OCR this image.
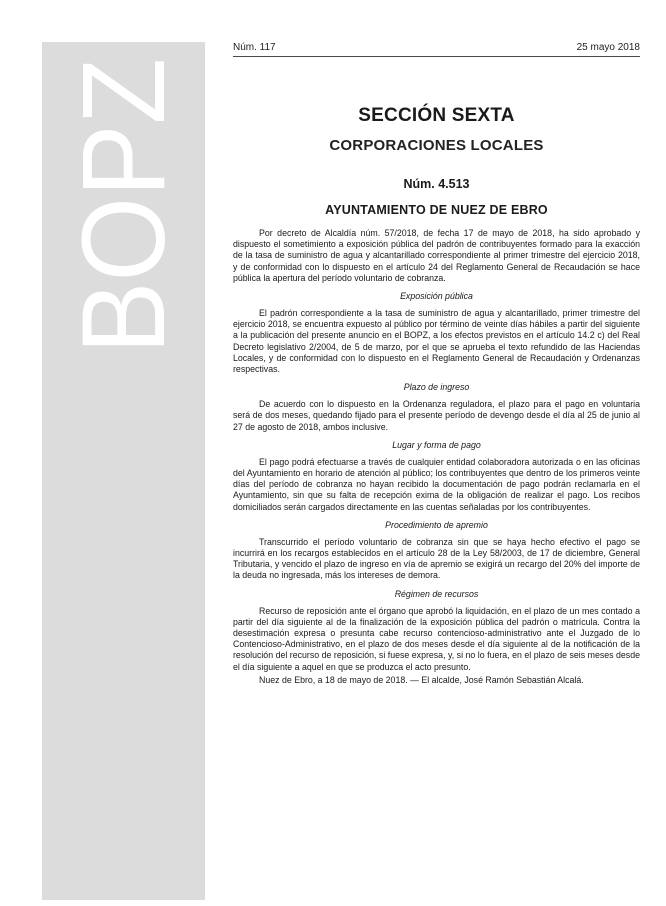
BOPZ	Núm. 117	25 mayo 2018
SECCIÓN SEXTA
CORPORACIONES LOCALES
Núm. 4.513
AYUNTAMIENTO DE NUEZ DE EBRO

Por decreto de Alcaldía núm. 57/2018, de fecha 17 de mayo de 2018, ha sido aprobado y dispuesto el sometimiento a exposición pública del padrón de contribuyentes formado para la exacción de la tasa de suministro de agua y alcantarillado correspondiente al primer trimestre del ejercicio 2018, y de conformidad con lo dispuesto en el artículo 24 del Reglamento General de Recaudación se hace pública la apertura del período voluntario de cobranza.

Exposición pública

El padrón correspondiente a la tasa de suministro de agua y alcantarillado, primer trimestre del ejercicio 2018, se encuentra expuesto al público por término de veinte días hábiles a partir del siguiente a la publicación del presente anuncio en el BOPZ, a los efectos previstos en el artículo 14.2 c) del Real Decreto legislativo 2/2004, de 5 de marzo, por el que se aprueba el texto refundido de las Haciendas Locales, y de conformidad con lo dispuesto en el Reglamento General de Recaudación y Ordenanzas respectivas.

Plazo de ingreso

De acuerdo con lo dispuesto en la Ordenanza reguladora, el plazo para el pago en voluntaria será de dos meses, quedando fijado para el presente período de devengo desde el día al 25 de junio al 27 de agosto de 2018, ambos inclusive.

Lugar y forma de pago

El pago podrá efectuarse a través de cualquier entidad colaboradora autorizada o en las oficinas del Ayuntamiento en horario de atención al público; los contribuyentes que dentro de los primeros veinte días del período de cobranza no hayan recibido la documentación de pago podrán reclamarla en el Ayuntamiento, sin que su falta de recepción exima de la obligación de realizar el pago. Los recibos domiciliados serán cargados directamente en las cuentas señaladas por los contribuyentes.

Procedimiento de apremio

Transcurrido el período voluntario de cobranza sin que se haya hecho efectivo el pago se incurrirá en los recargos establecidos en el artículo 28 de la Ley 58/2003, de 17 de diciembre, General Tributaria, y vencido el plazo de ingreso en vía de apremio se exigirá un recargo del 20% del importe de la deuda no ingresada, más los intereses de demora.

Régimen de recursos

Recurso de reposición ante el órgano que aprobó la liquidación, en el plazo de un mes contado a partir del día siguiente al de la finalización de la exposición pública del padrón o matrícula. Contra la desestimación expresa o presunta cabe recurso contencioso-administrativo ante el Juzgado de lo Contencioso-Administrativo, en el plazo de dos meses desde el día siguiente al de la notificación de la resolución del recurso de reposición, si fuese expresa, y, si no lo fuera, en el plazo de seis meses desde el día siguiente a aquel en que se produzca el acto presunto.

Nuez de Ebro, a 18 de mayo de 2018. — El alcalde, José Ramón Sebastián Alcalá.
